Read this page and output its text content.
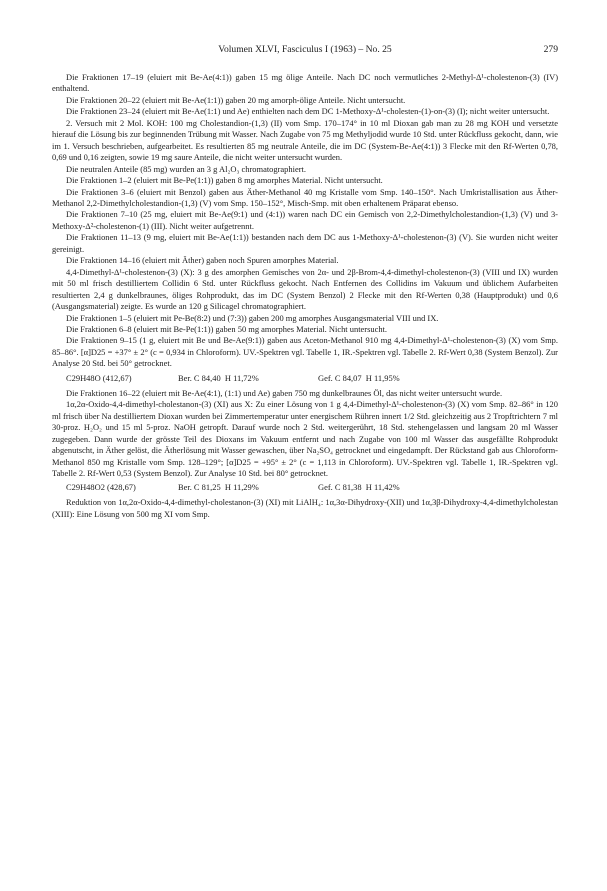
Volumen XLVI, Fasciculus I (1963) – No. 25	279

Die Fraktionen 17–19 (eluiert mit Be-Ae(4:1)) gaben 15 mg ölige Anteile. Nach DC noch vermutliches 2-Methyl-Δ¹-cholestenon-(3) (IV) enthaltend.

Die Fraktionen 20–22 (eluiert mit Be-Ae(1:1)) gaben 20 mg amorph-ölige Anteile. Nicht untersucht.

Die Fraktionen 23–24 (eluiert mit Be-Ae(1:1) und Ae) enthielten nach dem DC 1-Methoxy-Δ¹-cholesten-(1)-on-(3) (I); nicht weiter untersucht.

2. Versuch mit 2 Mol. KOH: 100 mg Cholestandion-(1,3) (II) vom Smp. 170–174° in 10 ml Dioxan gab man zu 28 mg KOH und versetzte hierauf die Lösung bis zur beginnenden Trübung mit Wasser. Nach Zugabe von 75 mg Methyljodid wurde 10 Std. unter Rückfluss gekocht, dann, wie im 1. Versuch beschrieben, aufgearbeitet. Es resultierten 85 mg neutrale Anteile, die im DC (System-Be-Ae(4:1)) 3 Flecke mit den Rf-Werten 0,78, 0,69 und 0,16 zeigten, sowie 19 mg saure Anteile, die nicht weiter untersucht wurden.

Die neutralen Anteile (85 mg) wurden an 3 g Al₂O₃ chromatographiert.

Die Fraktionen 1–2 (eluiert mit Be-Pe(1:1)) gaben 8 mg amorphes Material. Nicht untersucht.

Die Fraktionen 3–6 (eluiert mit Benzol) gaben aus Äther-Methanol 40 mg Kristalle vom Smp. 140–150°. Nach Umkristallisation aus Äther-Methanol 2,2-Dimethylcholestandion-(1,3) (V) vom Smp. 150–152°, Misch-Smp. mit oben erhaltenem Präparat ebenso.

Die Fraktionen 7–10 (25 mg, eluiert mit Be-Ae(9:1) und (4:1)) waren nach DC ein Gemisch von 2,2-Dimethylcholestandion-(1,3) (V) und 3-Methoxy-Δ²-cholestenon-(1) (III). Nicht weiter aufgetrennt.

Die Fraktionen 11–13 (9 mg, eluiert mit Be-Ae(1:1)) bestanden nach dem DC aus 1-Methoxy-Δ¹-cholestenon-(3) (V). Sie wurden nicht weiter gereinigt.

Die Fraktionen 14–16 (eluiert mit Äther) gaben noch Spuren amorphes Material.

4,4-Dimethyl-Δ¹-cholestenon-(3) (X): 3 g des amorphen Gemisches von 2α- und 2β-Brom-4,4-dimethyl-cholestenon-(3) (VIII und IX) wurden mit 50 ml frisch destilliertem Collidin 6 Std. unter Rückfluss gekocht. Nach Entfernen des Collidins im Vakuum und üblichem Aufarbeiten resultierten 2,4 g dunkelbraunes, öliges Rohprodukt, das im DC (System Benzol) 2 Flecke mit den Rf-Werten 0,38 (Hauptprodukt) und 0,6 (Ausgangsmaterial) zeigte. Es wurde an 120 g Silicagel chromatographiert.

Die Fraktionen 1–5 (eluiert mit Pe-Be(8:2) und (7:3)) gaben 200 mg amorphes Ausgangsmaterial VIII und IX.

Die Fraktionen 6–8 (eluiert mit Be-Pe(1:1)) gaben 50 mg amorphes Material. Nicht untersucht.

Die Fraktionen 9–15 (1 g, eluiert mit Be und Be-Ae(9:1)) gaben aus Aceton-Methanol 910 mg 4,4-Dimethyl-Δ¹-cholestenon-(3) (X) vom Smp. 85–86°. [α]D25 = +37° ± 2° (c = 0,934 in Chloroform). UV.-Spektren vgl. Tabelle 1, IR.-Spektren vgl. Tabelle 2. Rf-Wert 0,38 (System Benzol). Zur Analyse 20 Std. bei 50° getrocknet.

C29H48O (412,67)	Ber. C 84,40  H 11,72%	Gef. C 84,07  H 11,95%

Die Fraktionen 16–22 (eluiert mit Be-Ae(4:1), (1:1) und Ae) gaben 750 mg dunkelbraunes Öl, das nicht weiter untersucht wurde.

1α,2α-Oxido-4,4-dimethyl-cholestanon-(3) (XI) aus X: Zu einer Lösung von 1 g 4,4-Dimethyl-Δ¹-cholestenon-(3) (X) vom Smp. 82–86° in 120 ml frisch über Na destilliertem Dioxan wurden bei Zimmertemperatur unter energischem Rühren innert 1/2 Std. gleichzeitig aus 2 Tropftrichtern 7 ml 30-proz. H₂O₂ und 15 ml 5-proz. NaOH getropft. Darauf wurde noch 2 Std. weitergerührt, 18 Std. stehengelassen und langsam 20 ml Wasser zugegeben. Dann wurde der grösste Teil des Dioxans im Vakuum entfernt und nach Zugabe von 100 ml Wasser das ausgefällte Rohprodukt abgenutscht, in Äther gelöst, die Ätherlösung mit Wasser gewaschen, über Na₂SO₄ getrocknet und eingedampft. Der Rückstand gab aus Chloroform-Methanol 850 mg Kristalle vom Smp. 128–129°; [α]D25 = +95° ± 2° (c = 1,113 in Chloroform). UV.-Spektren vgl. Tabelle 1, IR.-Spektren vgl. Tabelle 2. Rf-Wert 0,53 (System Benzol). Zur Analyse 10 Std. bei 80° getrocknet.

C29H48O2 (428,67)	Ber. C 81,25  H 11,29%	Gef. C 81,38  H 11,42%

Reduktion von 1α,2α-Oxido-4,4-dimethyl-cholestanon-(3) (XI) mit LiAlH₄: 1α,3α-Dihydroxy-(XII) und 1α,3β-Dihydroxy-4,4-dimethylcholestan (XIII): Eine Lösung von 500 mg XI vom Smp.
